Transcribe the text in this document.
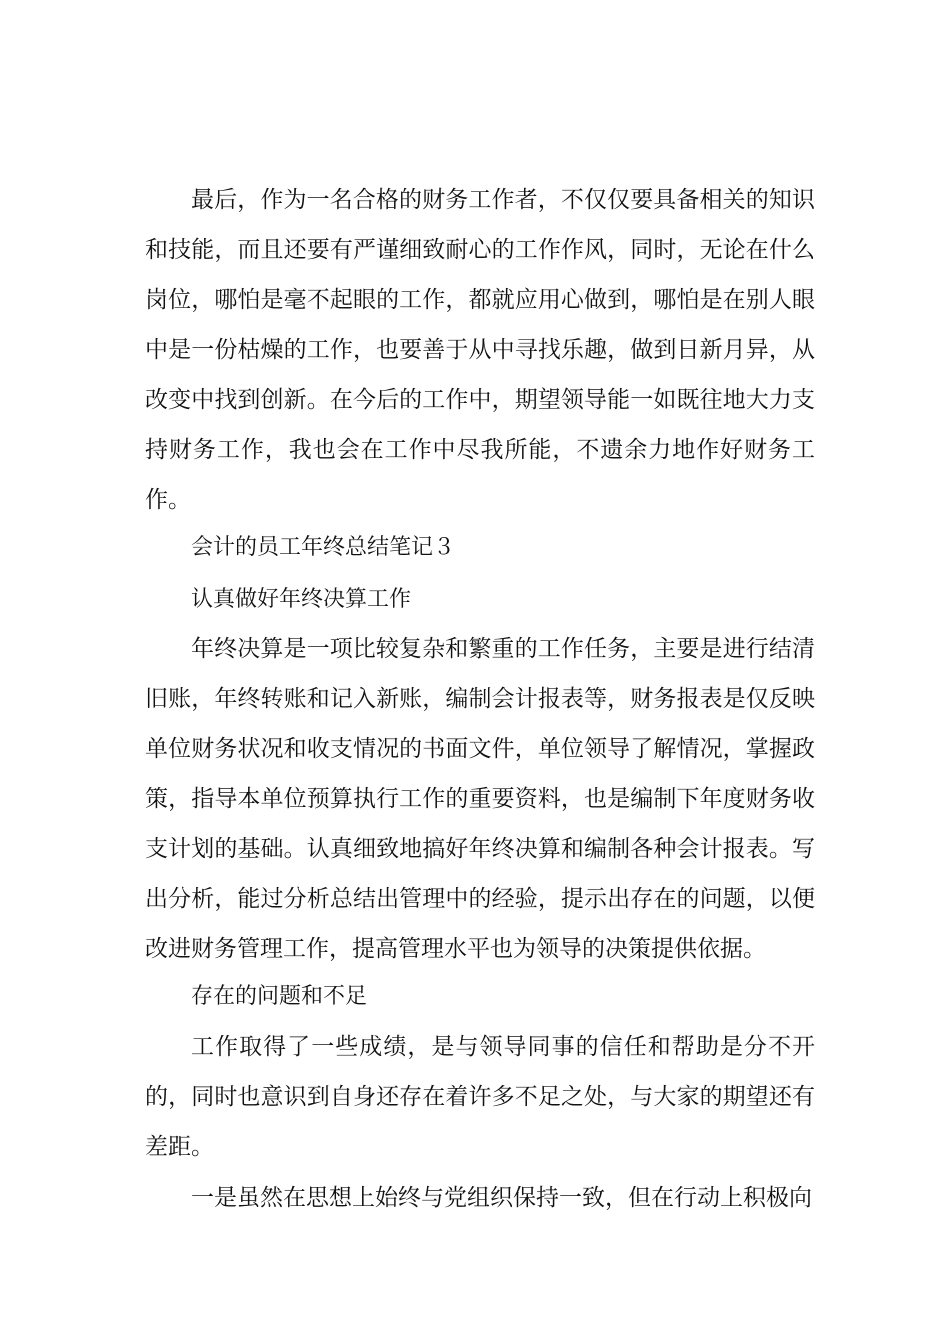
最后，作为一名合格的财务工作者，不仅仅要具备相关的知识和技能，而且还要有严谨细致耐心的工作作风，同时，无论在什么岗位，哪怕是毫不起眼的工作，都就应用心做到，哪怕是在别人眼中是一份枯燥的工作，也要善于从中寻找乐趣，做到日新月异，从改变中找到创新。在今后的工作中，期望领导能一如既往地大力支持财务工作，我也会在工作中尽我所能，不遗余力地作好财务工作。

会计的员工年终总结笔记３

认真做好年终决算工作

年终决算是一项比较复杂和繁重的工作任务，主要是进行结清旧账，年终转账和记入新账，编制会计报表等，财务报表是仅反映单位财务状况和收支情况的书面文件，单位领导了解情况，掌握政策，指导本单位预算执行工作的重要资料，也是编制下年度财务收支计划的基础。认真细致地搞好年终决算和编制各种会计报表。写出分析，能过分析总结出管理中的经验，提示出存在的问题，以便改进财务管理工作，提高管理水平也为领导的决策提供依据。

存在的问题和不足

工作取得了一些成绩，是与领导同事的信任和帮助是分不开的，同时也意识到自身还存在着许多不足之处，与大家的期望还有差距。

一是虽然在思想上始终与党组织保持一致，但在行动上积极向
